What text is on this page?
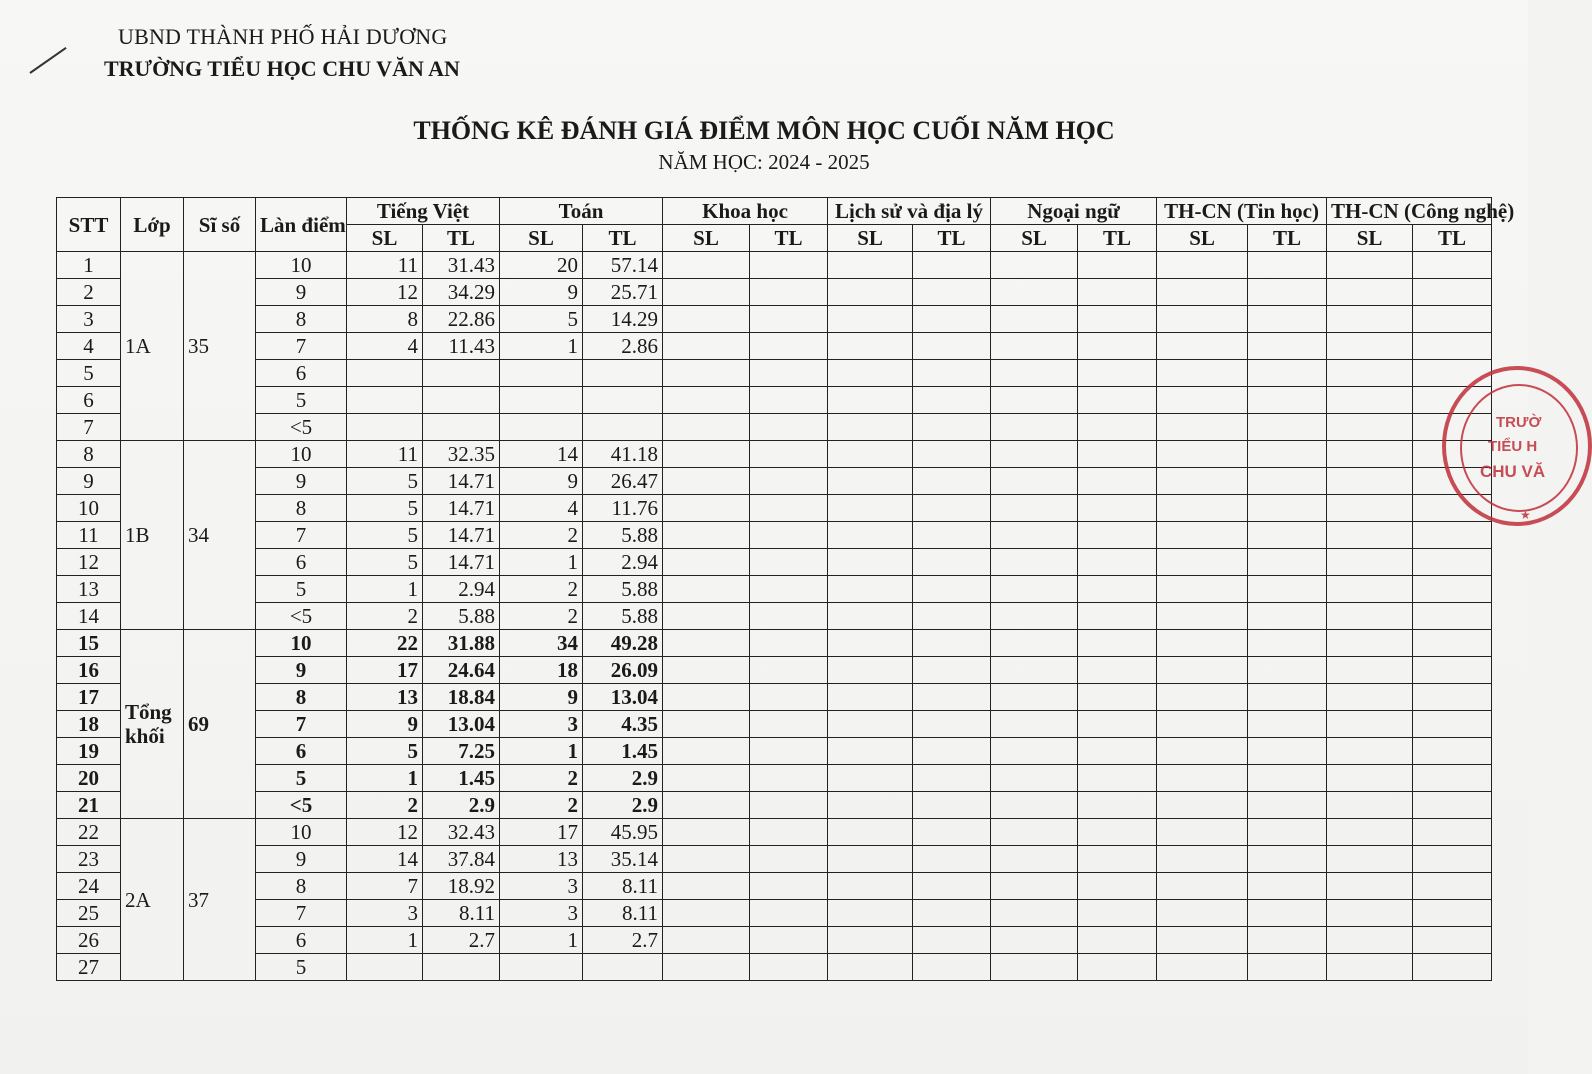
UBND THÀNH PHỐ HẢI DƯƠNG
TRƯỜNG TIỂU HỌC CHU VĂN AN
THỐNG KÊ ĐÁNH GIÁ ĐIỂM MÔN HỌC CUỐI NĂM HỌC
NĂM HỌC: 2024 - 2025
STT	Lớp	Sĩ số	Làn điểm	Tiếng Việt		Toán		Khoa học		Lịch sử và địa lý		Ngoại ngữ		TH-CN (Tin học)		TH-CN (Công nghệ)	
				SL	TL	SL	TL	SL	TL	SL	TL	SL	TL	SL	TL	SL	TL
1	1A	35	10	11	31.43	20	57.14										
2			9	12	34.29	9	25.71										
3			8	8	22.86	5	14.29										
4			7	4	11.43	1	2.86										
5			6														
6			5														
7			<5														
8	1B	34	10	11	32.35	14	41.18										
9			9	5	14.71	9	26.47										
10			8	5	14.71	4	11.76										
11			7	5	14.71	2	5.88										
12			6	5	14.71	1	2.94										
13			5	1	2.94	2	5.88										
14			<5	2	5.88	2	5.88										
15	Tổng khối	69	10	22	31.88	34	49.28										
16			9	17	24.64	18	26.09										
17			8	13	18.84	9	13.04										
18			7	9	13.04	3	4.35										
19			6	5	7.25	1	1.45										
20			5	1	1.45	2	2.9										
21			<5	2	2.9	2	2.9										
22	2A	37	10	12	32.43	17	45.95										
23			9	14	37.84	13	35.14										
24			8	7	18.92	3	8.11										
25			7	3	8.11	3	8.11										
26			6	1	2.7	1	2.7										
27			5														
TRƯỜ
TIỂU H
CHU VĂ
★
